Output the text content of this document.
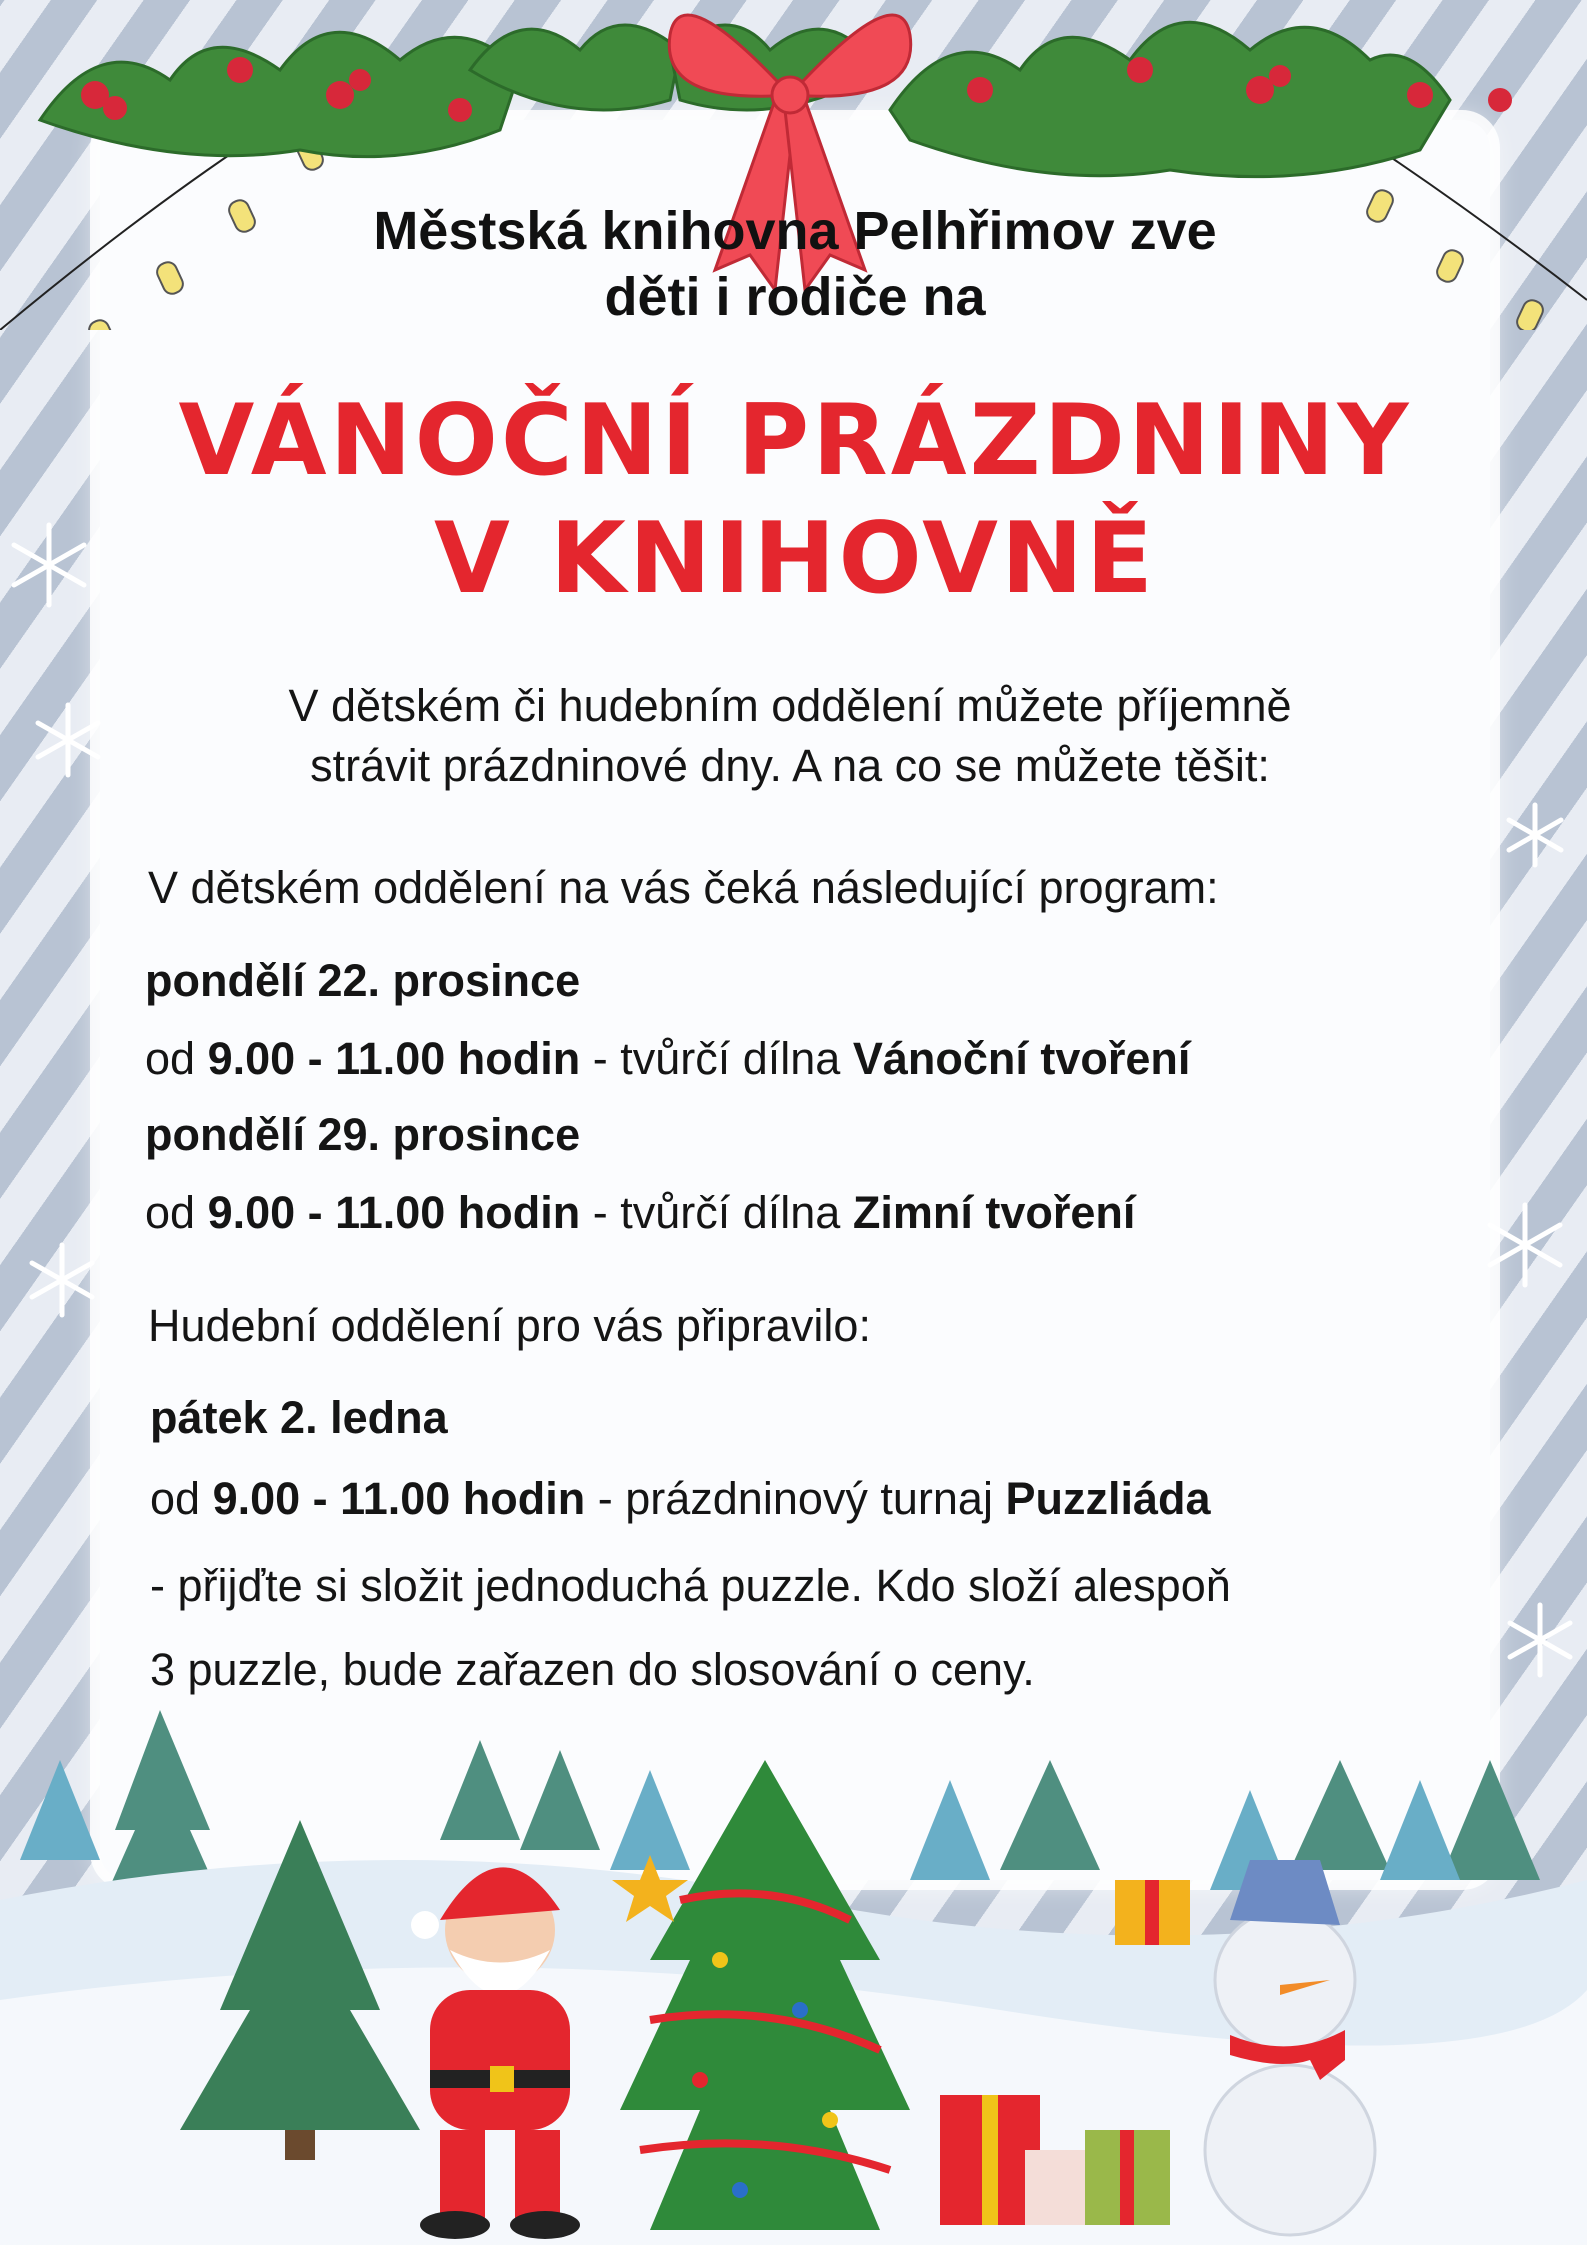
Městská knihovna Pelhřimov zve
děti i rodiče na
VÁNOČNÍ PRÁZDNINY
V KNIHOVNĚ
V dětském či hudebním oddělení můžete příjemně
strávit prázdninové dny. A na co se můžete těšit:
V dětském oddělení na vás čeká následující program:
pondělí 22. prosince
od 9.00 - 11.00 hodin - tvůrčí dílna Vánoční tvoření
pondělí 29. prosince
od 9.00 - 11.00 hodin - tvůrčí dílna Zimní tvoření
Hudební oddělení pro vás připravilo:
pátek 2. ledna
od 9.00 - 11.00 hodin - prázdninový turnaj Puzzliáda
- přijďte si složit jednoduchá puzzle. Kdo složí alespoň
3 puzzle, bude zařazen do slosování o ceny.
